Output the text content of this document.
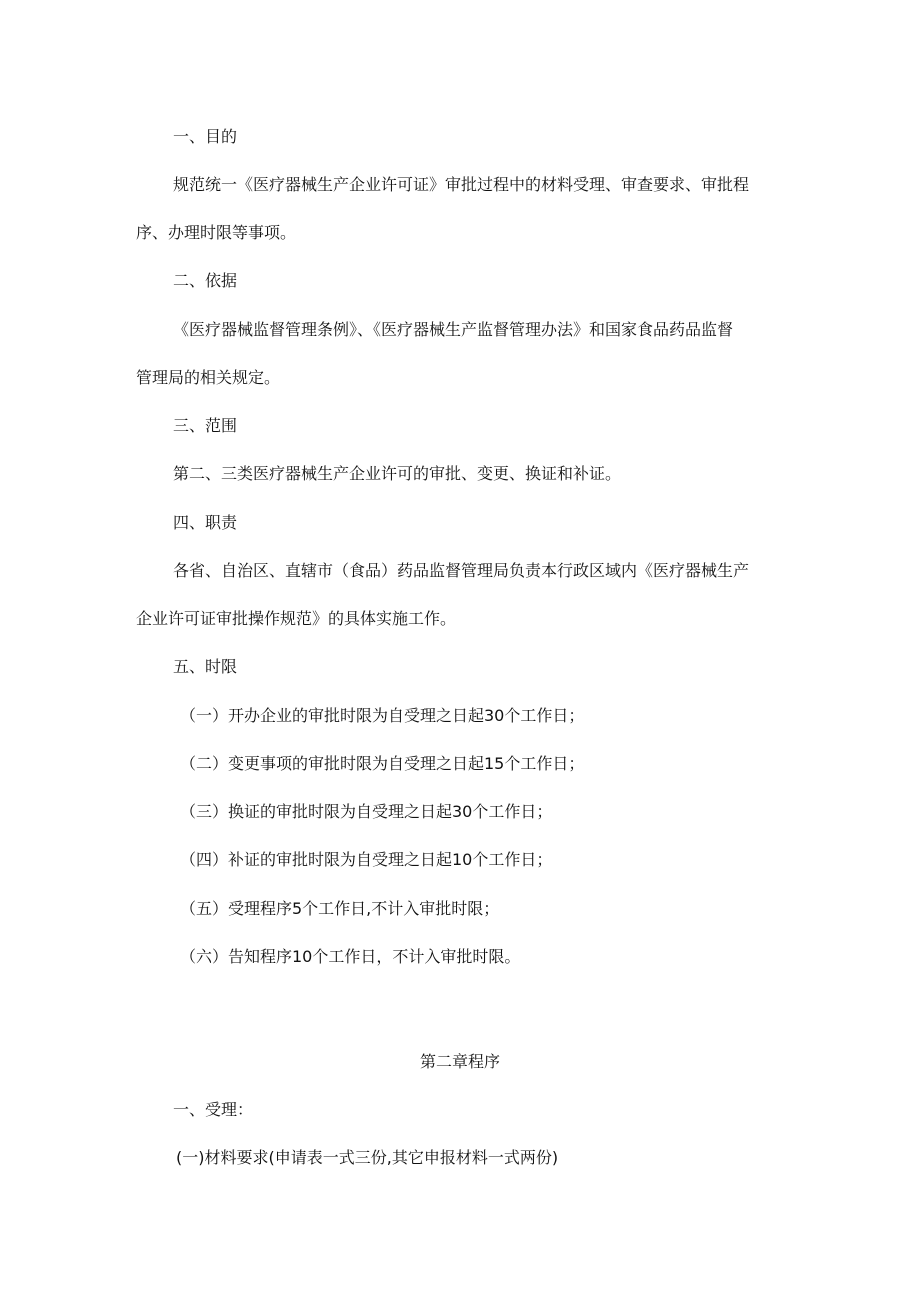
一、目的
规范统一《医疗器械生产企业许可证》审批过程中的材料受理、审查要求、审批程
序、办理时限等事项。
二、依据
《医疗器械监督管理条例》、《医疗器械生产监督管理办法》和国家食品药品监督
管理局的相关规定。
三、范围
第二、三类医疗器械生产企业许可的审批、变更、换证和补证。
四、职责
各省、自治区、直辖市（食品）药品监督管理局负责本行政区域内《医疗器械生产
企业许可证审批操作规范》的具体实施工作。
五、时限
（一）开办企业的审批时限为自受理之日起30个工作日；
（二）变更事项的审批时限为自受理之日起15个工作日；
（三）换证的审批时限为自受理之日起30个工作日；
（四）补证的审批时限为自受理之日起10个工作日；
（五）受理程序5个工作日,不计入审批时限；
（六）告知程序10个工作日，不计入审批时限。
第二章程序
一、受理：
(一)材料要求(申请表一式三份,其它申报材料一式两份)
